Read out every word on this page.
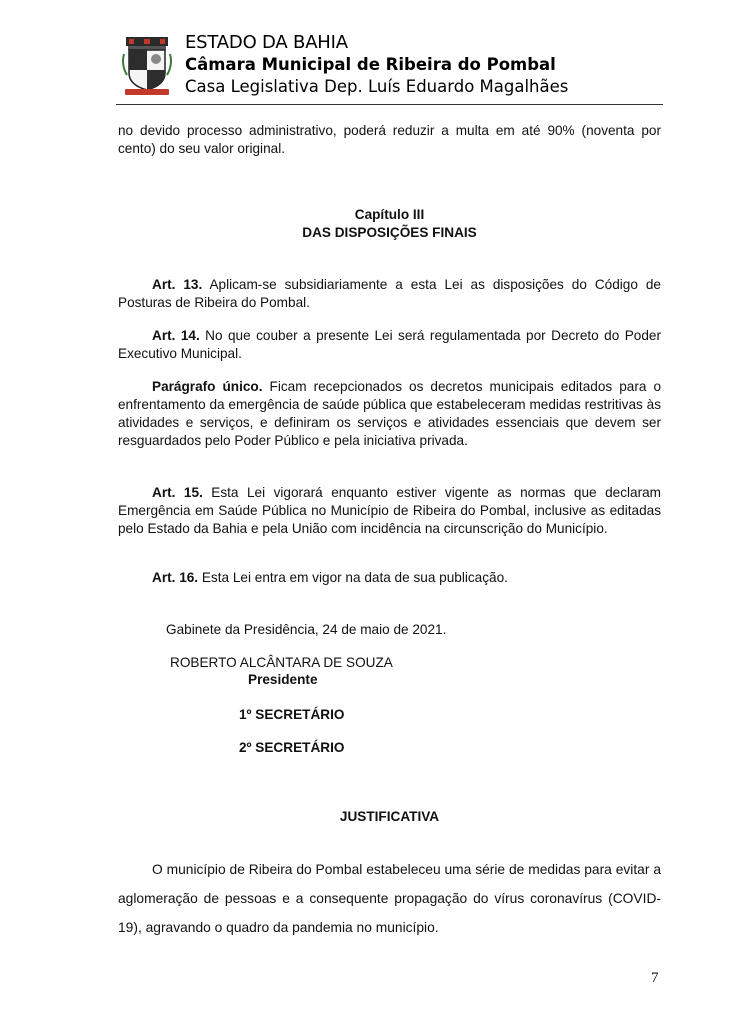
ESTADO DA BAHIA
Câmara Municipal de Ribeira do Pombal
Casa Legislativa Dep. Luís Eduardo Magalhães
no devido processo administrativo, poderá reduzir a multa em até 90% (noventa por cento) do seu valor original.
Capítulo III
DAS DISPOSIÇÕES FINAIS
Art. 13. Aplicam-se subsidiariamente a esta Lei as disposições do Código de Posturas de Ribeira do Pombal.
Art. 14. No que couber a presente Lei será regulamentada por Decreto do Poder Executivo Municipal.
Parágrafo único. Ficam recepcionados os decretos municipais editados para o enfrentamento da emergência de saúde pública que estabeleceram medidas restritivas às atividades e serviços, e definiram os serviços e atividades essenciais que devem ser resguardados pelo Poder Público e pela iniciativa privada.
Art. 15. Esta Lei vigorará enquanto estiver vigente as normas que declaram Emergência em Saúde Pública no Município de Ribeira do Pombal, inclusive as editadas pelo Estado da Bahia e pela União com incidência na circunscrição do Município.
Art. 16. Esta Lei entra em vigor na data de sua publicação.
Gabinete da Presidência, 24 de maio de 2021.
ROBERTO ALCÂNTARA DE SOUZA
Presidente
1º SECRETÁRIO
2º SECRETÁRIO
JUSTIFICATIVA
O município de Ribeira do Pombal estabeleceu uma série de medidas para evitar a aglomeração de pessoas e a consequente propagação do vírus coronavírus (COVID-19), agravando o quadro da pandemia no município.
7
